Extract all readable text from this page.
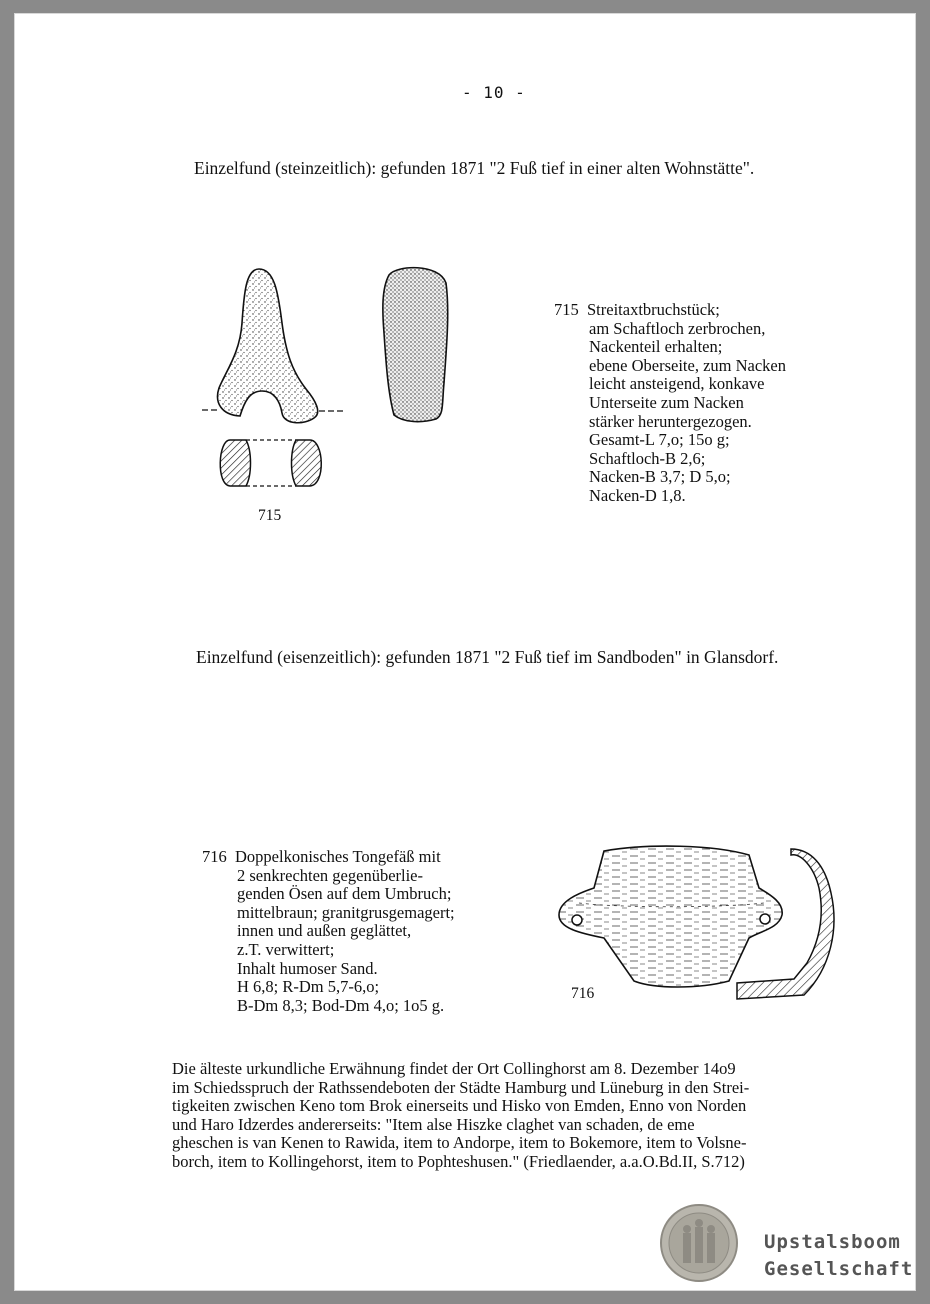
- 10 -
Einzelfund (steinzeitlich): gefunden 1871 "2 Fuß tief in einer alten Wohnstätte".
715
715 Streitaxtbruchstück;
am Schaftloch zerbrochen,
Nackenteil erhalten;
ebene Oberseite, zum Nacken
leicht ansteigend, konkave
Unterseite zum Nacken
stärker heruntergezogen.
Gesamt-L 7,o; 15o g;
Schaftloch-B 2,6;
Nacken-B 3,7; D 5,o;
Nacken-D 1,8.
Einzelfund (eisenzeitlich): gefunden 1871 "2 Fuß tief im Sandboden" in Glansdorf.
716 Doppelkonisches Tongefäß mit
2 senkrechten gegenüberlie-
genden Ösen auf dem Umbruch;
mittelbraun; granitgrusgemagert;
innen und außen geglättet,
z.T. verwittert;
Inhalt humoser Sand.
H 6,8; R-Dm 5,7-6,o;
B-Dm 8,3; Bod-Dm 4,o; 1o5 g.
716
Die älteste urkundliche Erwähnung findet der Ort Collinghorst am 8. Dezember 14o9
im Schiedsspruch der Rathssendeboten der Städte Hamburg und Lüneburg in den Strei-
tigkeiten zwischen Keno tom Brok einerseits und Hisko von Emden, Enno von Norden
und Haro Idzerdes andererseits: "Item alse Hiszke claghet van schaden, de eme
gheschen is van Kenen to Rawida, item to Andorpe, item to Bokemore, item to Volsne-
borch, item to Kollingehorst, item to Pophteshusen." (Friedlaender, a.a.O.Bd.II, S.712)
Upstalsboom
Gesellschaft
